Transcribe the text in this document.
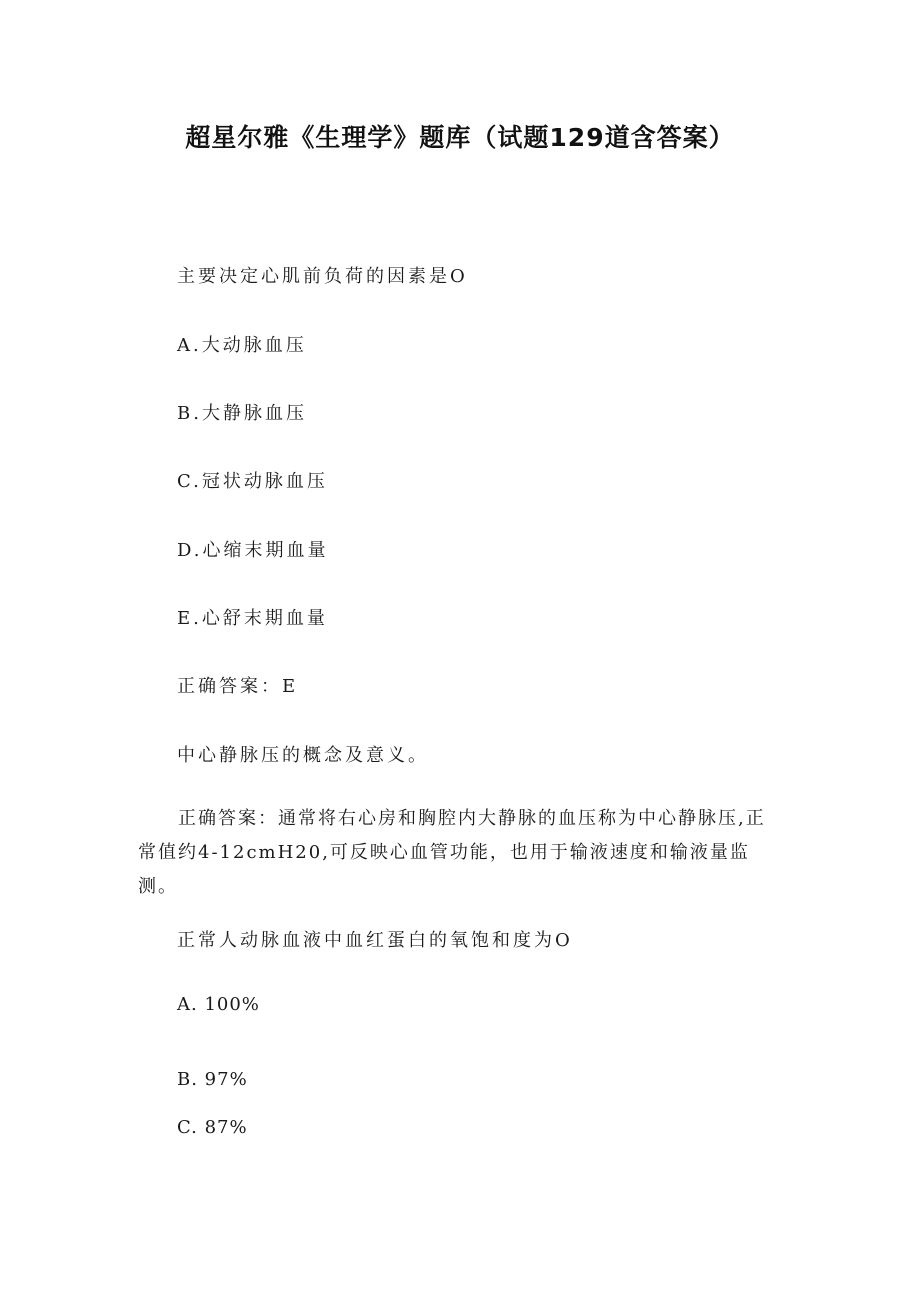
超星尔雅《生理学》题库（试题129道含答案）
主要决定心肌前负荷的因素是O
A.大动脉血压
B.大静脉血压
C.冠状动脉血压
D.心缩末期血量
E.心舒末期血量
正确答案：E
中心静脉压的概念及意义。
正确答案：通常将右心房和胸腔内大静脉的血压称为中心静脉压,正常值约4-12cmH20,可反映心血管功能，也用于输液速度和输液量监测。
正常人动脉血液中血红蛋白的氧饱和度为O
A. 100%
B. 97%
C. 87%
